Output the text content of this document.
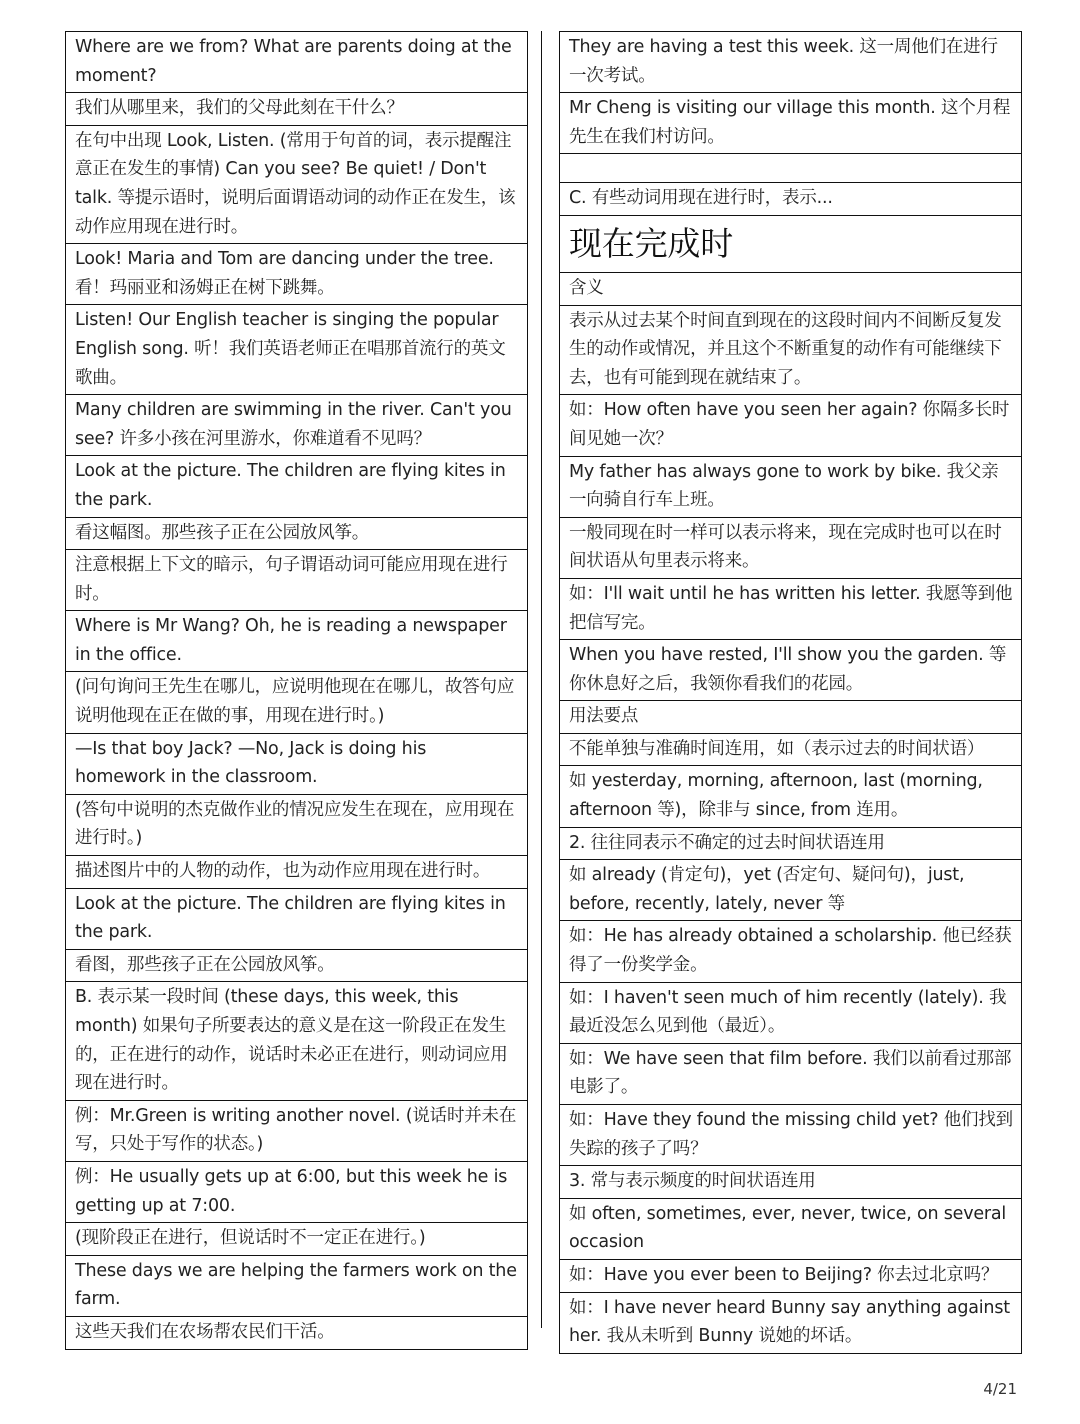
Where are we from? What are parents doing at the moment?
我们从哪里来，我们的父母此刻在干什么？
在句中出现 Look, Listen. (常用于句首的词，表示提醒注意正在发生的事情) Can you see? Be quiet! / Don't talk. 等提示语时，说明后面谓语动词的动作正在发生，该动作应用现在进行时。
Look! Maria and Tom are dancing under the tree. 看！玛丽亚和汤姆正在树下跳舞。
Listen! Our English teacher is singing the popular English song. 听！我们英语老师正在唱那首流行的英文歌曲。
Many children are swimming in the river. Can't you see? 许多小孩在河里游水，你难道看不见吗？
Look at the picture. The children are flying kites in the park.
看这幅图。那些孩子正在公园放风筝。
注意根据上下文的暗示，句子谓语动词可能应用现在进行时。
Where is Mr Wang? Oh, he is reading a newspaper in the office.
(问句询问王先生在哪儿，应说明他现在在哪儿，故答句应说明他现在正在做的事，用现在进行时。)
—Is that boy Jack? —No, Jack is doing his homework in the classroom.
(答句中说明的杰克做作业的情况应发生在现在，应用现在进行时。)
描述图片中的人物的动作，也为动作应用现在进行时。
Look at the picture. The children are flying kites in the park.
看图，那些孩子正在公园放风筝。
B. 表示某一段时间 (these days, this week, this month) 如果句子所要表达的意义是在这一阶段正在发生的，正在进行的动作，说话时未必正在进行，则动词应用现在进行时。
例：Mr.Green is writing another novel. (说话时并未在写，只处于写作的状态。)
例：He usually gets up at 6:00, but this week he is getting up at 7:00.
(现阶段正在进行，但说话时不一定正在进行。)
These days we are helping the farmers work on the farm.
这些天我们在农场帮农民们干活。
They are having a test this week. 这一周他们在进行一次考试。
Mr Cheng is visiting our village this month. 这个月程先生在我们村访问。
C. 有些动词用现在进行时，表示...
现在完成时
含义
表示从过去某个时间直到现在的这段时间内不间断反复发生的动作或情况，并且这个不断重复的动作有可能继续下去，也有可能到现在就结束了。
如：How often have you seen her again? 你隔多长时间见她一次？
My father has always gone to work by bike. 我父亲一向骑自行车上班。
一般同现在时一样可以表示将来，现在完成时也可以在时间状语从句里表示将来。
如：I'll wait until he has written his letter. 我愿等到他把信写完。
When you have rested, I'll show you the garden. 等你休息好之后，我领你看我们的花园。
用法要点
不能单独与准确时间连用，如（表示过去的时间状语）
如 yesterday, morning, afternoon, last (morning, afternoon 等)，除非与 since, from 连用。
2. 往往同表示不确定的过去时间状语连用
如 already (肯定句)，yet (否定句、疑问句)，just, before, recently, lately, never 等
如：He has already obtained a scholarship. 他已经获得了一份奖学金。
如：I haven't seen much of him recently (lately). 我最近没怎么见到他（最近）。
如：We have seen that film before. 我们以前看过那部电影了。
如：Have they found the missing child yet? 他们找到失踪的孩子了吗？
3. 常与表示频度的时间状语连用
如 often, sometimes, ever, never, twice, on several occasion
如：Have you ever been to Beijing? 你去过北京吗？
如：I have never heard Bunny say anything against her. 我从未听到 Bunny 说她的坏话。
4/21
